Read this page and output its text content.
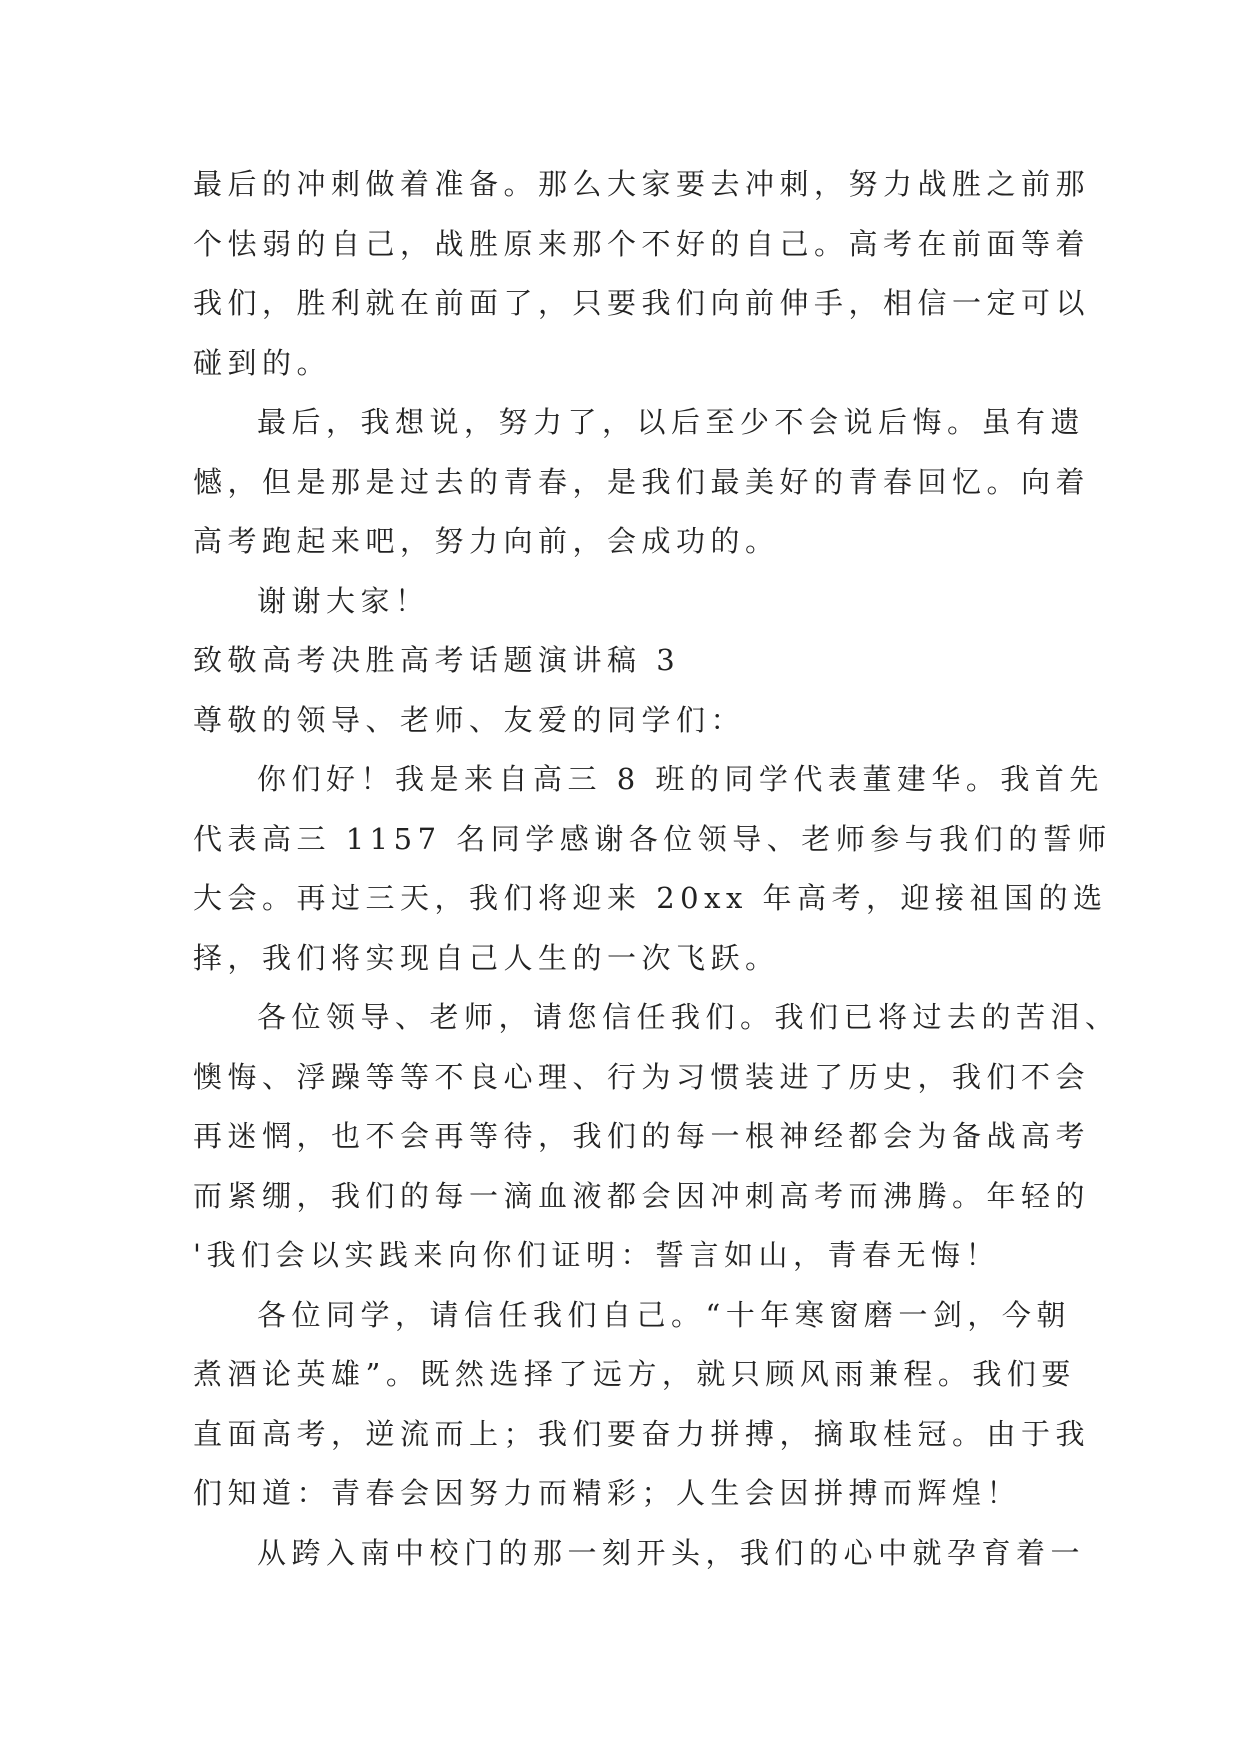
最后的冲刺做着准备。那么大家要去冲刺，努力战胜之前那
个怯弱的自己，战胜原来那个不好的自己。高考在前面等着
我们，胜利就在前面了，只要我们向前伸手，相信一定可以
碰到的。
最后，我想说，努力了，以后至少不会说后悔。虽有遗
憾，但是那是过去的青春，是我们最美好的青春回忆。向着
高考跑起来吧，努力向前，会成功的。
谢谢大家！
致敬高考决胜高考话题演讲稿 3
尊敬的领导、老师、友爱的同学们：
你们好！我是来自高三 8 班的同学代表董建华。我首先
代表高三 1157 名同学感谢各位领导、老师参与我们的誓师
大会。再过三天，我们将迎来 20xx 年高考，迎接祖国的选
择，我们将实现自己人生的一次飞跃。
各位领导、老师，请您信任我们。我们已将过去的苦泪、
懊悔、浮躁等等不良心理、行为习惯装进了历史，我们不会
再迷惘，也不会再等待，我们的每一根神经都会为备战高考
而紧绷，我们的每一滴血液都会因冲刺高考而沸腾。年轻的
'我们会以实践来向你们证明：誓言如山，青春无悔！
各位同学，请信任我们自己。“十年寒窗磨一剑，今朝
煮酒论英雄”。既然选择了远方，就只顾风雨兼程。我们要
直面高考，逆流而上；我们要奋力拼搏，摘取桂冠。由于我
们知道：青春会因努力而精彩；人生会因拼搏而辉煌！
从跨入南中校门的那一刻开头，我们的心中就孕育着一
